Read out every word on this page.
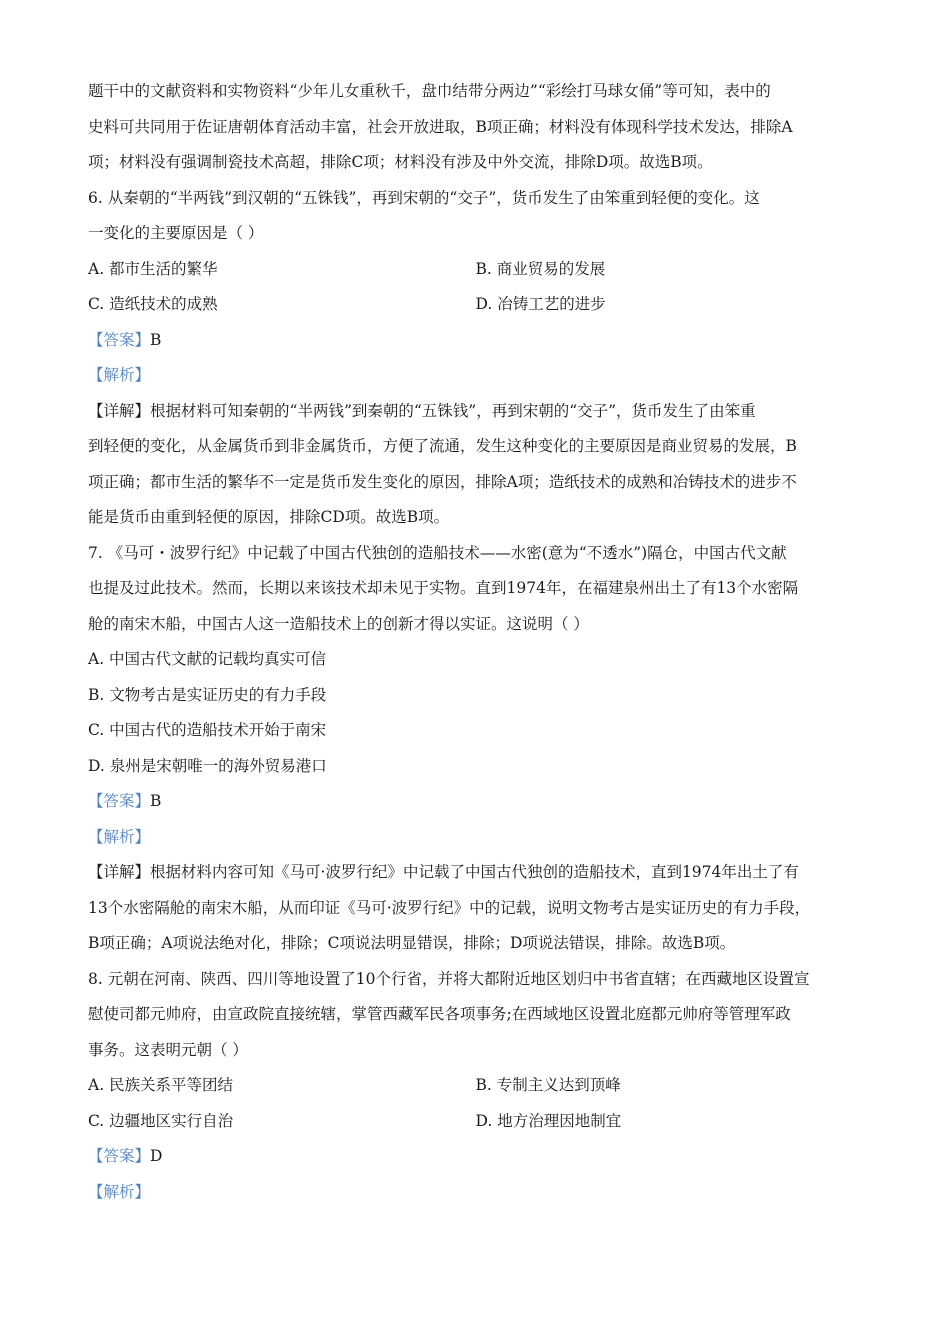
题干中的文献资料和实物资料“少年儿女重秋千，盘巾结带分两边”“彩绘打马球女俑”等可知，表中的
史料可共同用于佐证唐朝体育活动丰富，社会开放进取，B项正确；材料没有体现科学技术发达，排除A
项；材料没有强调制瓷技术高超，排除C项；材料没有涉及中外交流，排除D项。故选B项。
6. 从秦朝的“半两钱”到汉朝的“五铢钱”，再到宋朝的“交子”，货币发生了由笨重到轻便的变化。这
一变化的主要原因是（ ）
A. 都市生活的繁华	B. 商业贸易的发展
C. 造纸技术的成熟	D. 冶铸工艺的进步
【答案】B
【解析】
【详解】根据材料可知秦朝的“半两钱”到秦朝的“五铢钱”，再到宋朝的“交子”，货币发生了由笨重
到轻便的变化，从金属货币到非金属货币，方便了流通，发生这种变化的主要原因是商业贸易的发展，B
项正确；都市生活的繁华不一定是货币发生变化的原因，排除A项；造纸技术的成熟和冶铸技术的进步不
能是货币由重到轻便的原因，排除CD项。故选B项。
7. 《马可・波罗行纪》中记载了中国古代独创的造船技术——水密(意为“不透水”)隔仓，中国古代文献
也提及过此技术。然而，长期以来该技术却未见于实物。直到1974年，在福建泉州出土了有13个水密隔
舱的南宋木船，中国古人这一造船技术上的创新才得以实证。这说明（ ）
A. 中国古代文献的记载均真实可信
B. 文物考古是实证历史的有力手段
C. 中国古代的造船技术开始于南宋
D. 泉州是宋朝唯一的海外贸易港口
【答案】B
【解析】
【详解】根据材料内容可知《马可·波罗行纪》中记载了中国古代独创的造船技术，直到1974年出土了有
13个水密隔舱的南宋木船，从而印证《马可·波罗行纪》中的记载，说明文物考古是实证历史的有力手段，
B项正确；A项说法绝对化，排除；C项说法明显错误，排除；D项说法错误，排除。故选B项。
8. 元朝在河南、陕西、四川等地设置了10个行省，并将大都附近地区划归中书省直辖；在西藏地区设置宣
慰使司都元帅府，由宣政院直接统辖，掌管西藏军民各项事务;在西域地区设置北庭都元帅府等管理军政
事务。这表明元朝（ ）
A. 民族关系平等团结	B. 专制主义达到顶峰
C. 边疆地区实行自治	D. 地方治理因地制宜
【答案】D
【解析】
